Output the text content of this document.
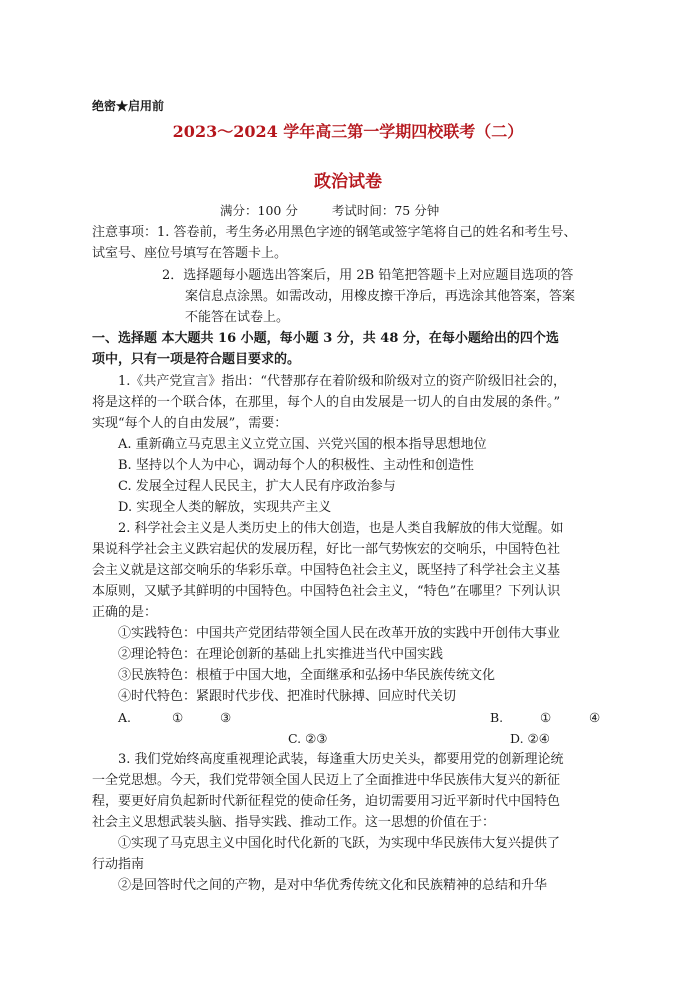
绝密★启用前
2023～2024 学年高三第一学期四校联考（二）
政治试卷
满分：100 分	考试时间：75 分钟
注意事项：1. 答卷前，考生务必用黑色字迹的钢笔或签字笔将自己的姓名和考生号、
试室号、座位号填写在答题卡上。
2．选择题每小题选出答案后，用 2B 铅笔把答题卡上对应题目选项的答
案信息点涂黑。如需改动，用橡皮擦干净后，再选涂其他答案，答案
不能答在试卷上。
一、选择题 本大题共 16 小题，每小题 3 分，共 48 分，在每小题给出的四个选
项中，只有一项是符合题目要求的。
1.《共产党宣言》指出：“代替那存在着阶级和阶级对立的资产阶级旧社会的，
将是这样的一个联合体，在那里，每个人的自由发展是一切人的自由发展的条件。”
实现“每个人的自由发展”，需要：
A. 重新确立马克思主义立党立国、兴党兴国的根本指导思想地位
B. 坚持以个人为中心，调动每个人的积极性、主动性和创造性
C. 发展全过程人民民主，扩大人民有序政治参与
D. 实现全人类的解放，实现共产主义
2. 科学社会主义是人类历史上的伟大创造，也是人类自我解放的伟大觉醒。如
果说科学社会主义跌宕起伏的发展历程，好比一部气势恢宏的交响乐，中国特色社
会主义就是这部交响乐的华彩乐章。中国特色社会主义，既坚持了科学社会主义基
本原则，又赋予其鲜明的中国特色。中国特色社会主义，“特色”在哪里？下列认识
正确的是：
①实践特色：中国共产党团结带领全国人民在改革开放的实践中开创伟大事业
②理论特色：在理论创新的基础上扎实推进当代中国实践
③民族特色：根植于中国大地，全面继承和弘扬中华民族传统文化
④时代特色：紧跟时代步伐、把准时代脉搏、回应时代关切
A.	①	③	B.	①	④
C. ②③	D. ②④
3. 我们党始终高度重视理论武装，每逢重大历史关头，都要用党的创新理论统
一全党思想。今天，我们党带领全国人民迈上了全面推进中华民族伟大复兴的新征
程，要更好肩负起新时代新征程党的使命任务，迫切需要用习近平新时代中国特色
社会主义思想武装头脑、指导实践、推动工作。这一思想的价值在于：
①实现了马克思主义中国化时代化新的飞跃，为实现中华民族伟大复兴提供了
行动指南
②是回答时代之间的产物，是对中华优秀传统文化和民族精神的总结和升华
